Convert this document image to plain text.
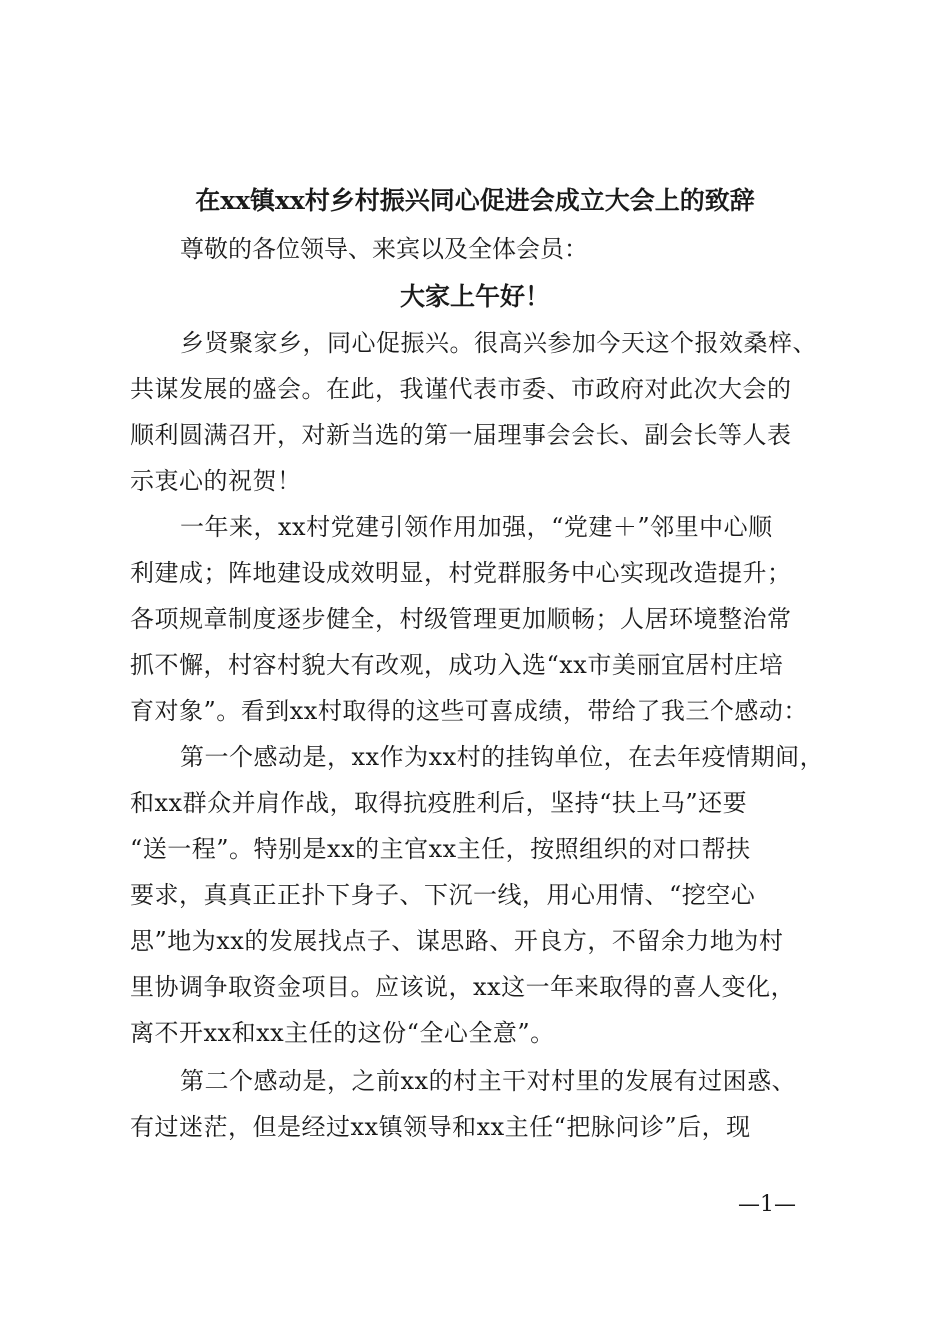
在xx镇xx村乡村振兴同心促进会成立大会上的致辞
尊敬的各位领导、来宾以及全体会员：
大家上午好！
乡贤聚家乡，同心促振兴。很高兴参加今天这个报效桑梓、
共谋发展的盛会。在此，我谨代表市委、市政府对此次大会的
顺利圆满召开，对新当选的第一届理事会会长、副会长等人表
示衷心的祝贺！
一年来，xx村党建引领作用加强，“党建＋”邻里中心顺
利建成；阵地建设成效明显，村党群服务中心实现改造提升；
各项规章制度逐步健全，村级管理更加顺畅；人居环境整治常
抓不懈，村容村貌大有改观，成功入选“xx市美丽宜居村庄培
育对象”。看到xx村取得的这些可喜成绩，带给了我三个感动：
第一个感动是，xx作为xx村的挂钩单位，在去年疫情期间，
和xx群众并肩作战，取得抗疫胜利后，坚持“扶上马”还要
“送一程”。特别是xx的主官xx主任，按照组织的对口帮扶
要求，真真正正扑下身子、下沉一线，用心用情、“挖空心
思”地为xx的发展找点子、谋思路、开良方，不留余力地为村
里协调争取资金项目。应该说，xx这一年来取得的喜人变化，
离不开xx和xx主任的这份“全心全意”。
第二个感动是，之前xx的村主干对村里的发展有过困惑、
有过迷茫，但是经过xx镇领导和xx主任“把脉问诊”后，现
—1—
